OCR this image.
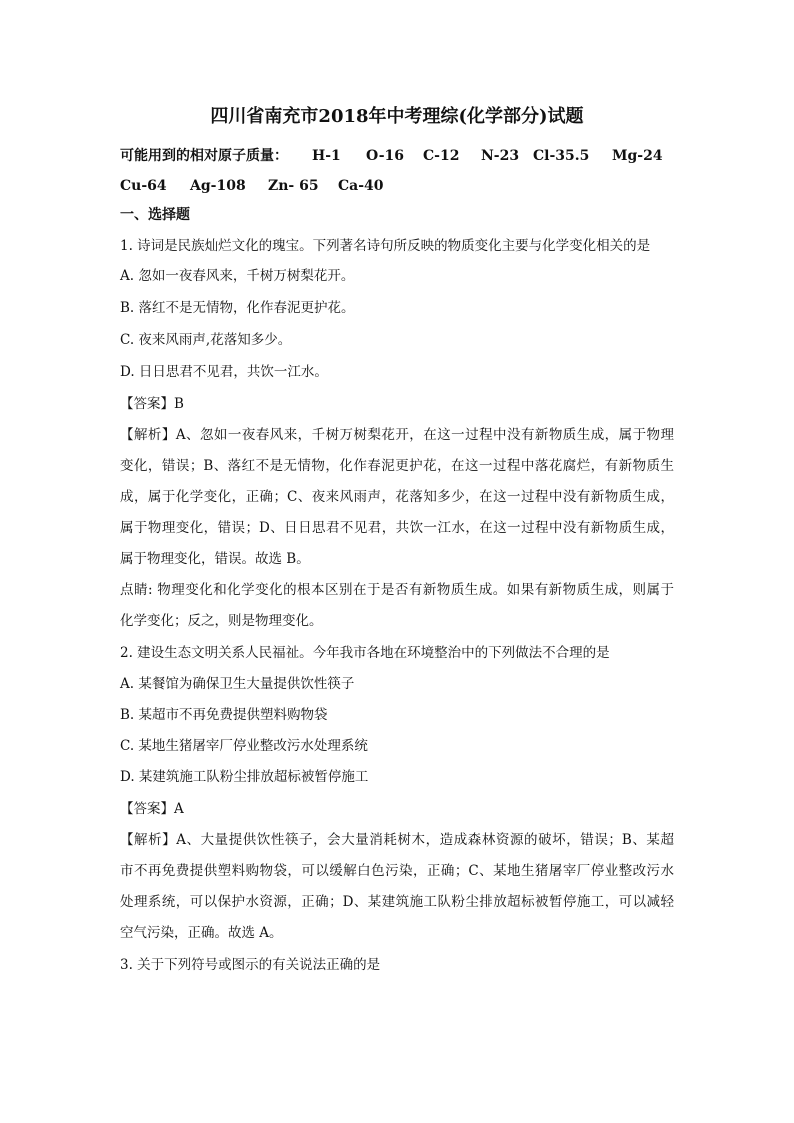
四川省南充市2018年中考理综(化学部分)试题
可能用到的相对原子质量： H-1 O-16 C-12 N-23 Cl-35.5 Mg-24
Cu-64 Ag-108 Zn- 65 Ca-40
一、选择题
1. 诗词是民族灿烂文化的瑰宝。下列著名诗句所反映的物质变化主要与化学变化相关的是
A. 忽如一夜春风来，千树万树梨花开。
B. 落红不是无情物，化作春泥更护花。
C. 夜来风雨声,花落知多少。
D. 日日思君不见君，共饮一江水。
【答案】B
【解析】A、忽如一夜春风来，千树万树梨花开，在这一过程中没有新物质生成，属于物理
变化，错误；B、落红不是无情物，化作春泥更护花，在这一过程中落花腐烂，有新物质生
成，属于化学变化，正确；C、夜来风雨声，花落知多少，在这一过程中没有新物质生成，
属于物理变化，错误；D、日日思君不见君，共饮一江水，在这一过程中没有新物质生成，
属于物理变化，错误。故选 B。
点睛: 物理变化和化学变化的根本区别在于是否有新物质生成。如果有新物质生成，则属于
化学变化；反之，则是物理变化。
2. 建设生态文明关系人民福祉。今年我市各地在环境整治中的下列做法不合理的是
A. 某餐馆为确保卫生大量提供饮性筷子
B. 某超市不再免费提供塑料购物袋
C. 某地生猪屠宰厂停业整改污水处理系统
D. 某建筑施工队粉尘排放超标被暂停施工
【答案】A
【解析】A、大量提供饮性筷子，会大量消耗树木，造成森林资源的破坏，错误；B、某超
市不再免费提供塑料购物袋，可以缓解白色污染，正确；C、某地生猪屠宰厂停业整改污水
处理系统，可以保护水资源，正确；D、某建筑施工队粉尘排放超标被暂停施工，可以减轻
空气污染，正确。故选 A。
3. 关于下列符号或图示的有关说法正确的是
